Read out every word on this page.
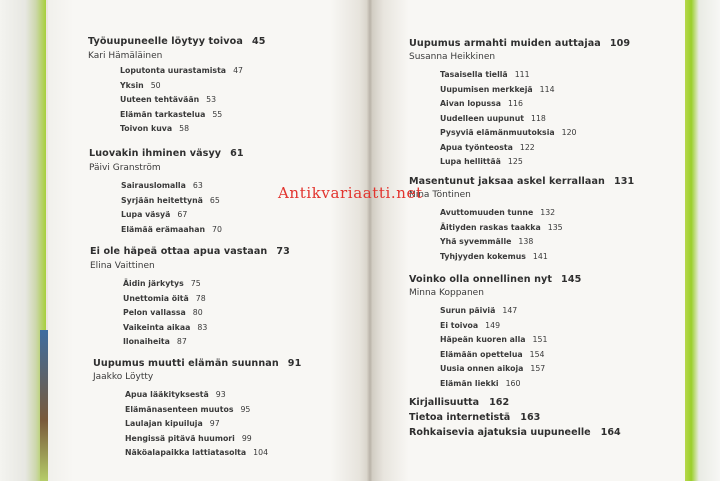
Työuupuneelle löytyy toivoa 45
Kari Hämäläinen
Loputonta uurastamista 47
Yksin 50
Uuteen tehtävään 53
Elämän tarkastelua 55
Toivon kuva 58
Luovakin ihminen väsyy 61
Päivi Granström
Sairauslomalla 63
Syrjään heitettynä 65
Lupa väsyä 67
Elämää erämaahan 70
Ei ole häpeä ottaa apua vastaan 73
Elina Vaittinen
Äidin järkytys 75
Unettomia öitä 78
Pelon vallassa 80
Vaikeinta aikaa 83
Ilonaiheita 87
Uupumus muutti elämän suunnan 91
Jaakko Löytty
Apua lääkityksestä 93
Elämänasenteen muutos 95
Laulajan kipuiluja 97
Hengissä pitävä huumori 99
Näköalapaikka lattiatasolta 104
Uupumus armahti muiden auttajaa 109
Susanna Heikkinen
Tasaisella tiellä 111
Uupumisen merkkejä 114
Aivan lopussa 116
Uudelleen uupunut 118
Pysyviä elämänmuutoksia 120
Apua työnteosta 122
Lupa hellittää 125
Masentunut jaksaa askel kerrallaan 131
Nina Töntinen
Avuttomuuden tunne 132
Äitiyden raskas taakka 135
Yhä syvemmälle 138
Tyhjyyden kokemus 141
Voinko olla onnellinen nyt 145
Minna Koppanen
Surun päiviä 147
Ei toivoa 149
Häpeän kuoren alla 151
Elämään opettelua 154
Uusia onnen aikoja 157
Elämän liekki 160
Kirjallisuutta 162
Tietoa internetistä 163
Rohkaisevia ajatuksia uupuneelle 164
Antikvariaatti.net
